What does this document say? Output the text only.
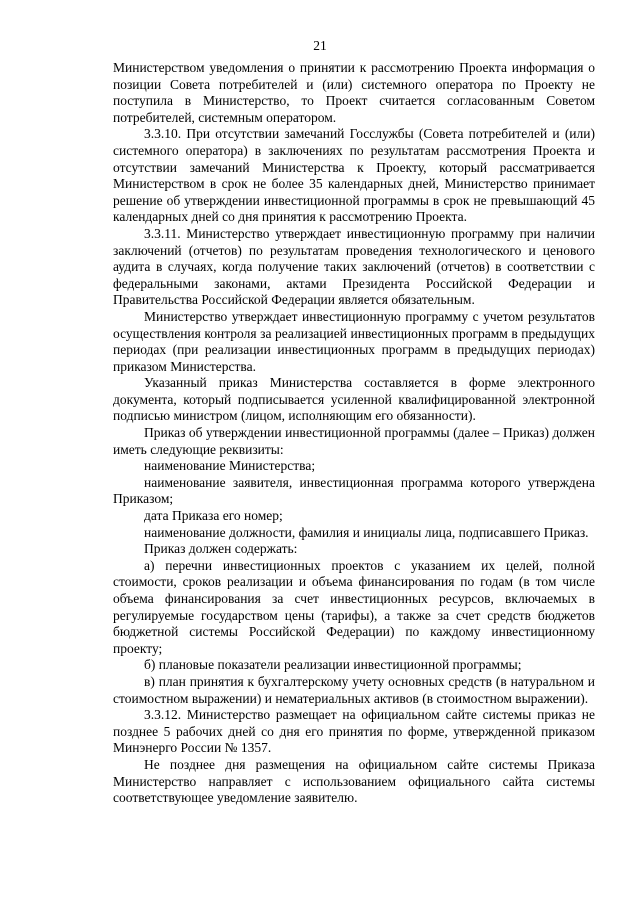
21

Министерством уведомления о принятии к рассмотрению Проекта информация о позиции Совета потребителей и (или) системного оператора по Проекту не поступила в Министерство, то Проект считается согласованным Советом потребителей, системным оператором.

3.3.10. При отсутствии замечаний Госслужбы (Совета потребителей и (или) системного оператора) в заключениях по результатам рассмотрения Проекта и отсутствии замечаний Министерства к Проекту, который рассматривается Министерством в срок не более 35 календарных дней, Министерство принимает решение об утверждении инвестиционной программы в срок не превышающий 45 календарных дней со дня принятия к рассмотрению Проекта.

3.3.11. Министерство утверждает инвестиционную программу при наличии заключений (отчетов) по результатам проведения технологического и ценового аудита в случаях, когда получение таких заключений (отчетов) в соответствии с федеральными законами, актами Президента Российской Федерации и Правительства Российской Федерации является обязательным.

Министерство утверждает инвестиционную программу с учетом результатов осуществления контроля за реализацией инвестиционных программ в предыдущих периодах (при реализации инвестиционных программ в предыдущих периодах) приказом Министерства.

Указанный приказ Министерства составляется в форме электронного документа, который подписывается усиленной квалифицированной электронной подписью министром (лицом, исполняющим его обязанности).

Приказ об утверждении инвестиционной программы (далее – Приказ) должен иметь следующие реквизиты:

наименование Министерства;

наименование заявителя, инвестиционная программа которого утверждена Приказом;

дата Приказа его номер;

наименование должности, фамилия и инициалы лица, подписавшего Приказ.

Приказ должен содержать:

а) перечни инвестиционных проектов с указанием их целей, полной стоимости, сроков реализации и объема финансирования по годам (в том числе объема финансирования за счет инвестиционных ресурсов, включаемых в регулируемые государством цены (тарифы), а также за счет средств бюджетов бюджетной системы Российской Федерации) по каждому инвестиционному проекту;

б) плановые показатели реализации инвестиционной программы;

в) план принятия к бухгалтерскому учету основных средств (в натуральном и стоимостном выражении) и нематериальных активов (в стоимостном выражении).

3.3.12. Министерство размещает на официальном сайте системы приказ не позднее 5 рабочих дней со дня его принятия по форме, утвержденной приказом Минэнерго России № 1357.

Не позднее дня размещения на официальном сайте системы Приказа Министерство направляет с использованием официального сайта системы соответствующее уведомление заявителю.
